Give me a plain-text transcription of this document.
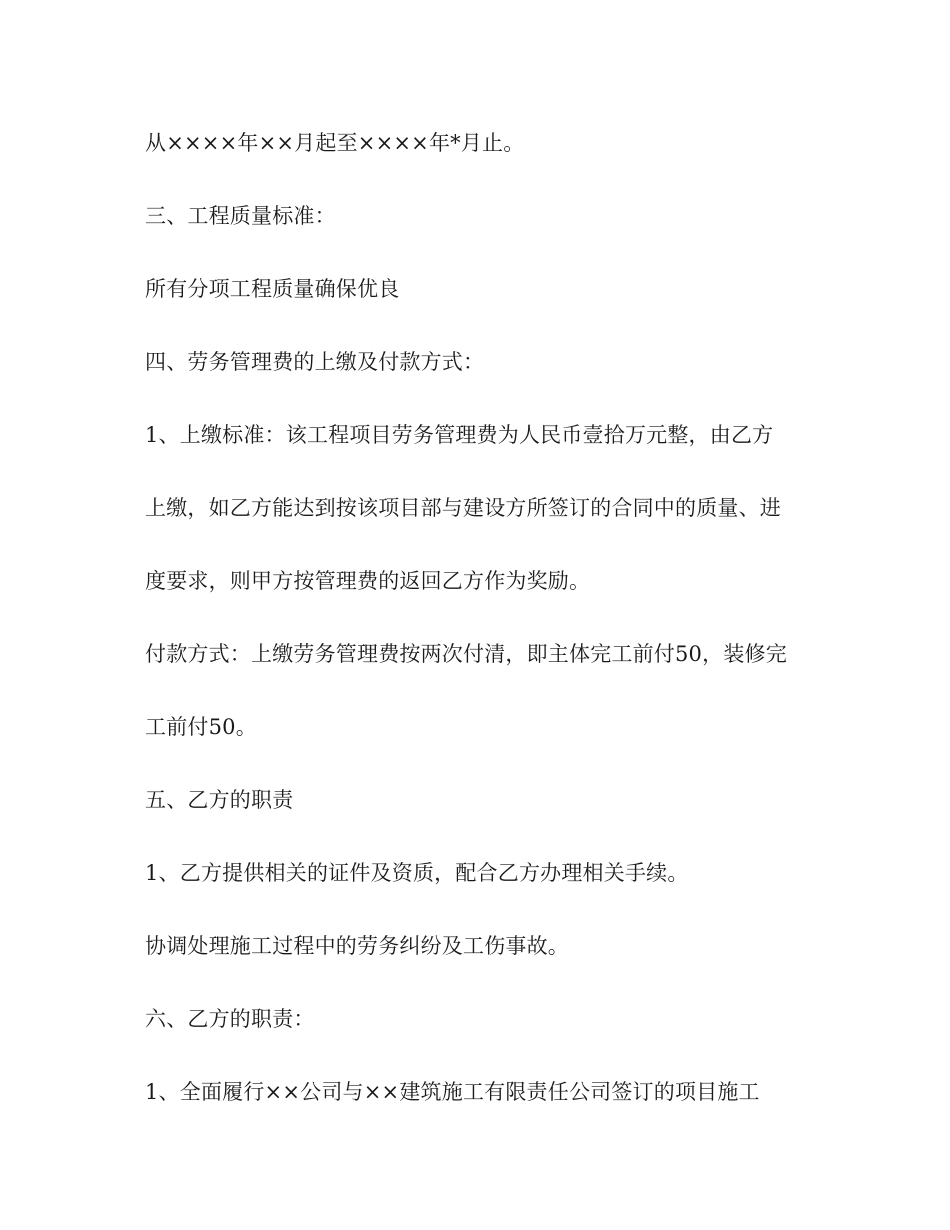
从××××年××月起至××××年*月止。
三、工程质量标准：
所有分项工程质量确保优良
四、劳务管理费的上缴及付款方式：
1、上缴标准：该工程项目劳务管理费为人民币壹拾万元整，由乙方
上缴，如乙方能达到按该项目部与建设方所签订的合同中的质量、进
度要求，则甲方按管理费的返回乙方作为奖励。
付款方式：上缴劳务管理费按两次付清，即主体完工前付50，装修完
工前付50。
五、乙方的职责
1、乙方提供相关的证件及资质，配合乙方办理相关手续。
协调处理施工过程中的劳务纠纷及工伤事故。
六、乙方的职责：
1、全面履行××公司与××建筑施工有限责任公司签订的项目施工
